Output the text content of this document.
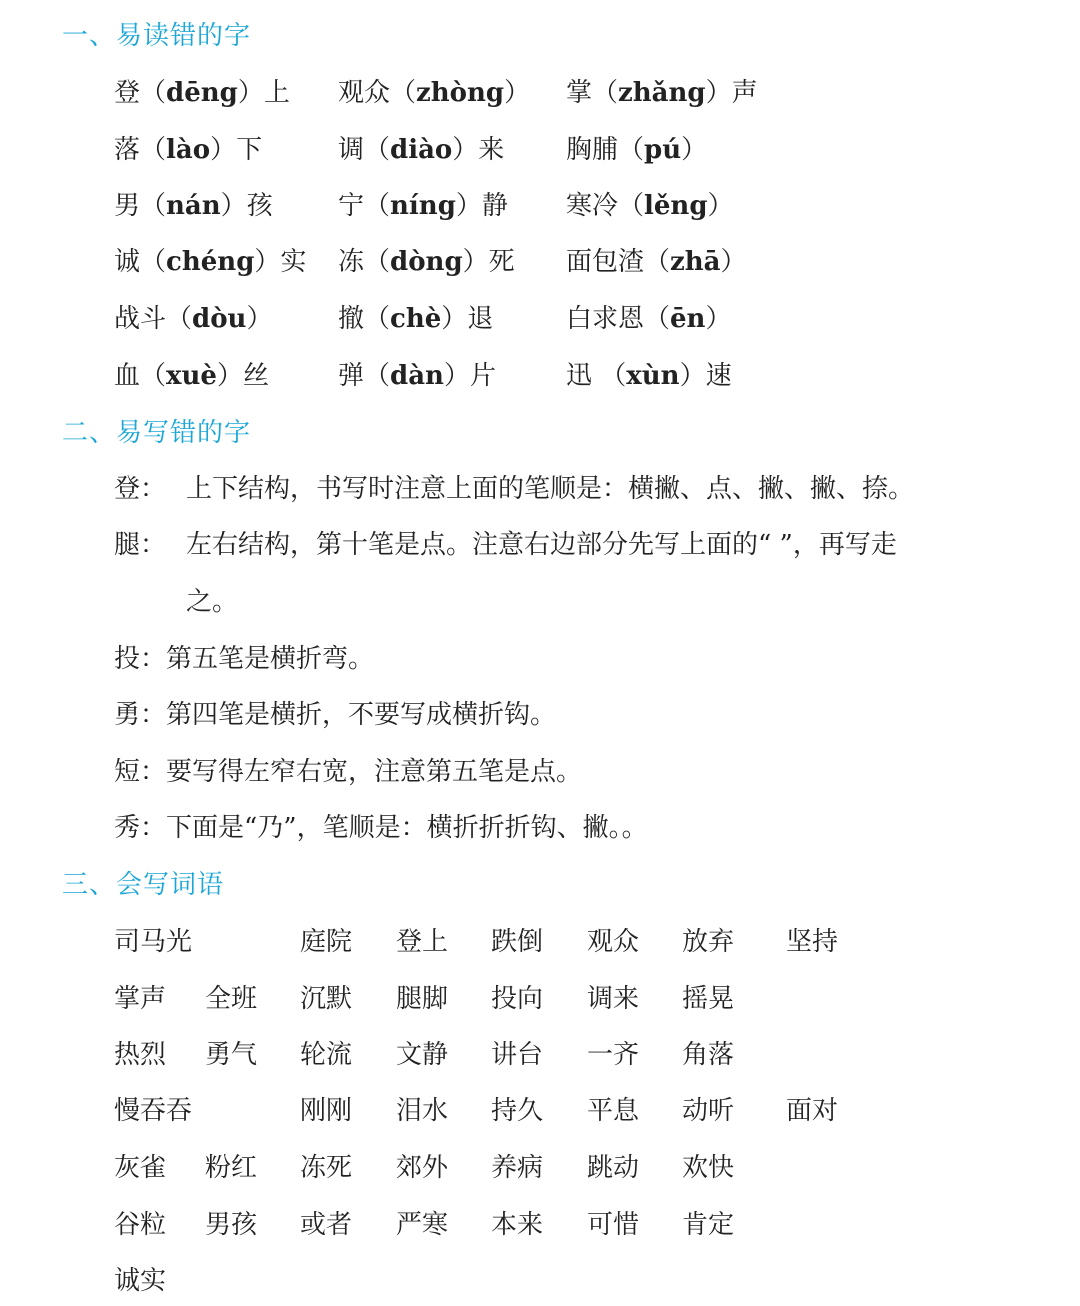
一、易读错的字
登（dēng）上 观众（zhòng） 掌（zhǎng）声
落（lào）下	调（diào）来 胸脯（pú）
男（nán）孩	宁（níng）静 寒冷（lěng）
诚（chéng）实 冻（dòng）死 面包渣（zhā）
战斗（dòu）	撤（chè）退	白求恩（ēn）
血（xuè）丝	弹（dàn）片	迅 （xùn）速
二、易写错的字
登： 上下结构，书写时注意上面的笔顺是：横撇、点、撇、撇、捺。
腿： 左右结构，第十笔是点。注意右边部分先写上面的“ ”，再写走
之。
投：第五笔是横折弯。
勇：第四笔是横折，不要写成横折钩。
短：要写得左窄右宽，注意第五笔是点。
秀：下面是“乃”，笔顺是：横折折折钩、撇。。
三、会写词语
司马光	庭院 登上 跌倒 观众 放弃 坚持
掌声 全班 沉默 腿脚 投向 调来 摇晃
热烈 勇气 轮流 文静 讲台 一齐 角落
慢吞吞	刚刚 泪水 持久 平息 动听 面对
灰雀 粉红 冻死 郊外 养病 跳动 欢快
谷粒 男孩 或者 严寒 本来 可惜 肯定
诚实
